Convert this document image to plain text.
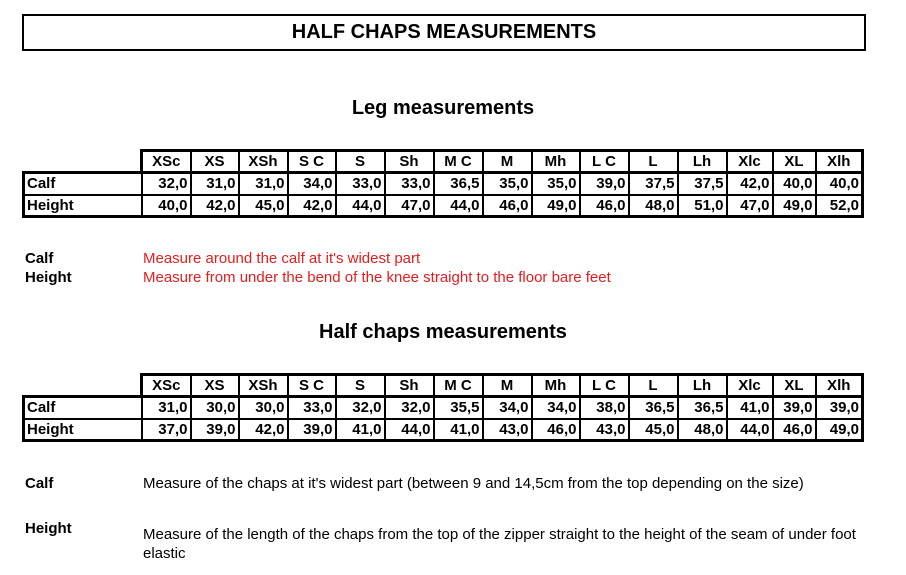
HALF CHAPS MEASUREMENTS
Leg measurements
	XSc	XS	XSh	S C	S	Sh	M C	M	Mh	L C	L	Lh	Xlc	XL	Xlh
Calf	32,0	31,0	31,0	34,0	33,0	33,0	36,5	35,0	35,0	39,0	37,5	37,5	42,0	40,0	40,0
Height	40,0	42,0	45,0	42,0	44,0	47,0	44,0	46,0	49,0	46,0	48,0	51,0	47,0	49,0	52,0
Calf	Measure around the calf at it's widest part
Height	Measure from under the bend of the knee straight to the floor bare feet
Half chaps measurements
	XSc	XS	XSh	S C	S	Sh	M C	M	Mh	L C	L	Lh	Xlc	XL	Xlh
Calf	31,0	30,0	30,0	33,0	32,0	32,0	35,5	34,0	34,0	38,0	36,5	36,5	41,0	39,0	39,0
Height	37,0	39,0	42,0	39,0	41,0	44,0	41,0	43,0	46,0	43,0	45,0	48,0	44,0	46,0	49,0
Calf	Measure of the chaps at it's widest part (between 9 and 14,5cm from the top depending on the size)
Height	Measure of the length of the chaps from the top of the zipper straight to the height of the seam of under foot elastic
